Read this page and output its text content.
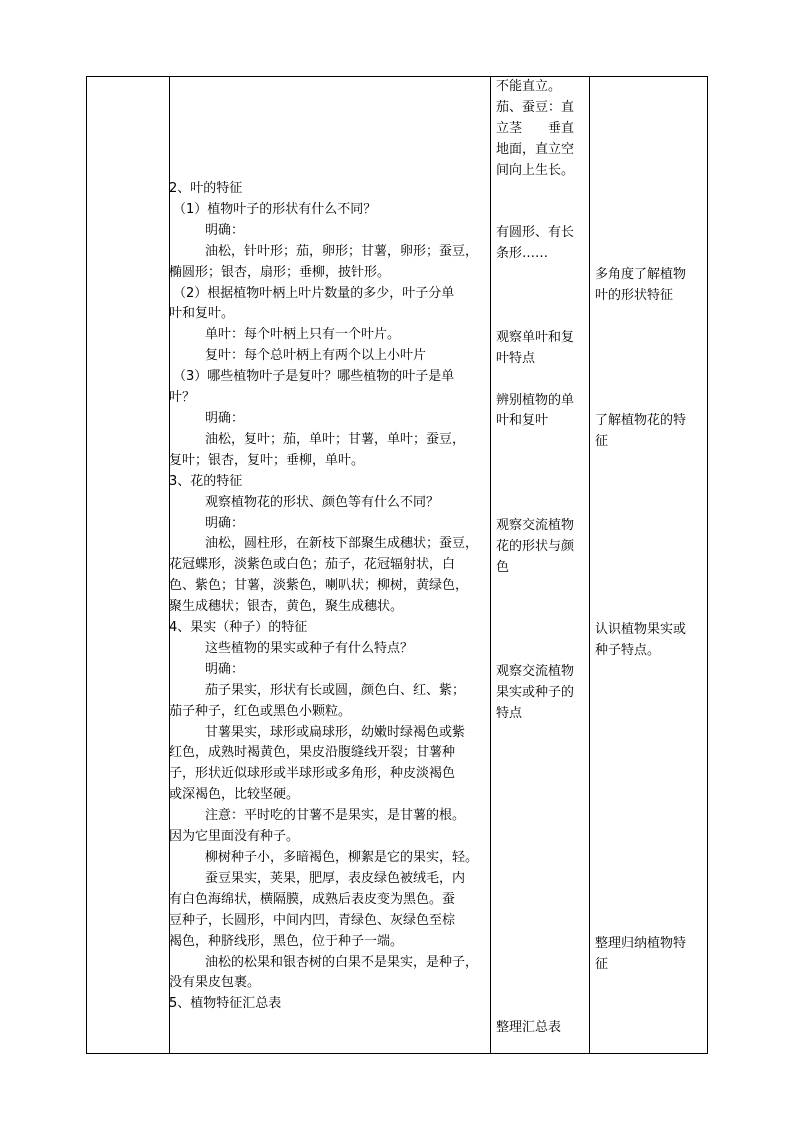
2、叶的特征

（1）植物叶子的形状有什么不同？

明确：

油松，针叶形；茄，卵形；甘薯，卵形；蚕豆，

椭圆形；银杏，扇形；垂柳，披针形。

（2）根据植物叶柄上叶片数量的多少，叶子分单

叶和复叶。

单叶：每个叶柄上只有一个叶片。

复叶：每个总叶柄上有两个以上小叶片

（3）哪些植物叶子是复叶？哪些植物的叶子是单

叶？

明确：

油松，复叶；茄，单叶；甘薯，单叶；蚕豆，

复叶；银杏，复叶；垂柳，单叶。

3、花的特征

观察植物花的形状、颜色等有什么不同？

明确：

油松，圆柱形，在新枝下部聚生成穗状；蚕豆，

花冠蝶形，淡紫色或白色；茄子，花冠辐射状，白

色、紫色；甘薯，淡紫色，喇叭状；柳树，黄绿色，

聚生成穗状；银杏，黄色，聚生成穗状。

4、果实（种子）的特征

这些植物的果实或种子有什么特点？

明确：

茄子果实，形状有长或圆，颜色白、红、紫；

茄子种子，红色或黑色小颗粒。

甘薯果实，球形或扁球形，幼嫩时绿褐色或紫

红色，成熟时褐黄色，果皮沿腹缝线开裂；甘薯种

子，形状近似球形或半球形或多角形，种皮淡褐色

或深褐色，比较坚硬。

注意：平时吃的甘薯不是果实，是甘薯的根。

因为它里面没有种子。

柳树种子小，多暗褐色，柳絮是它的果实，轻。

蚕豆果实，荚果，肥厚，表皮绿色被绒毛，内

有白色海绵状，横隔膜，成熟后表皮变为黑色。蚕

豆种子，长圆形，中间内凹，青绿色、灰绿色至棕

褐色，种脐线形，黑色，位于种子一端。

油松的松果和银杏树的白果不是果实，是种子，

没有果皮包裹。

5、植物特征汇总表

不能直立。

茄、蚕豆：直

立茎　　垂直

地面，直立空

间向上生长。

有圆形、有长

条形……

观察单叶和复

叶特点

辨别植物的单

叶和复叶

观察交流植物

花的形状与颜

色

观察交流植物

果实或种子的

特点

整理汇总表

多角度了解植物

叶的形状特征

了解植物花的特

征

认识植物果实或

种子特点。

整理归纳植物特

征
